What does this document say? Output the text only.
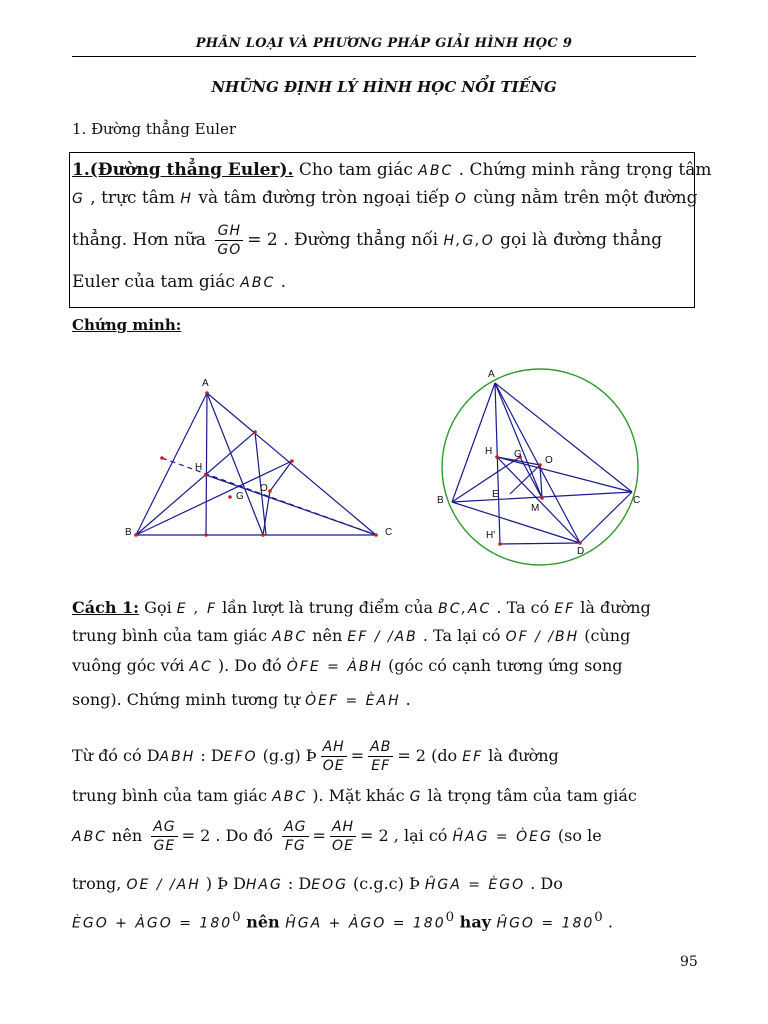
PHÂN LOẠI VÀ PHƯƠNG PHÁP GIẢI HÌNH HỌC 9
NHỮNG ĐỊNH LÝ HÌNH HỌC NỔI TIẾNG
1. Đường thẳng Euler
1.(Đường thẳng Euler). Cho tam giác ABC . Chứng minh rằng trọng tâm
G , trực tâm H và tâm đường tròn ngoại tiếp O cùng nằm trên một đường
thẳng. Hơn nữa $\frac{GH}{GO} = 2$ . Đường thẳng nối H,G,O gọi là đường thẳng
Euler của tam giác ABC .
Chứng minh:
A
H
G
O
B	C
A
H G
O
B	C
E
M
H'
D
Cách 1: Gọi E , F lần lượt là trung điểm của BC,AC . Ta có EF là đường
trung bình của tam giác ABC nên EF / /AB . Ta lại có OF / /BH (cùng
vuông góc với AC ). Do đó ÒFE = ÀBH (góc có cạnh tương ứng song
song). Chứng minh tương tự ÒEF = ÈAH .
Từ đó có DABH : DEFO (g.g) Þ $\frac{AH}{OE} = \frac{AB}{EF} = 2$ (do EF là đường
trung bình của tam giác ABC ). Mặt khác G là trọng tâm của tam giác
ABC nên $\frac{AG}{GE} = 2$ . Do đó $\frac{AG}{FG} = \frac{AH}{OE} = 2$ , lại có ĤAG = ÒEG (so le
trong, OE / /AH ) Þ DHAG : DEOG (c.g.c) Þ ĤGA = ÈGO . Do
ÈGO + ÀGO = $180^0$ nên ĤGA + ÀGO = $180^0$ hay ĤGO = $180^0$ .
95
